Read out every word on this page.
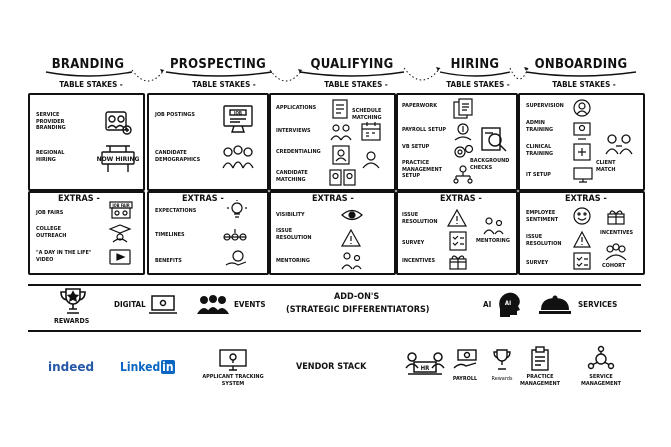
BRANDING	PROSPECTING	QUALIFYING	HIRING	ONBOARDING
TABLE STAKES -	TABLE STAKES -	TABLE STAKES -	TABLE STAKES -	TABLE STAKES -
SERVICE PROVIDER BRANDING
REGIONAL HIRING	NOW HIRING
EXTRAS -
JOB FAIRS
COLLEGE OUTREACH
"A DAY IN THE LIFE" VIDEO
JOB FAIR
JOB POSTINGS
CANDIDATE DEMOGRAPHICS
JOB
EXTRAS -
EXPECTATIONS
TIMELINES
BENEFITS
APPLICATIONS
INTERVIEWS
CREDENTIALING
CANDIDATE MATCHING
SCHEDULE MATCHING
EXTRAS -
VISIBILITY
ISSUE RESOLUTION
MENTORING
PAPERWORK
PAYROLL SETUP
VB SETUP
PRACTICE MANAGEMENT SETUP
BACKGROUND CHECKS
EXTRAS -
ISSUE RESOLUTION
SURVEY
INCENTIVES
MENTORING
SUPERVISION
ADMIN TRAINING
CLINICAL TRAINING
IT SETUP
CLIENT MATCH
EXTRAS -
EMPLOYEE SENTIMENT
ISSUE RESOLUTION
SURVEY
INCENTIVES
COHORT
REWARDS
DIGITAL	EVENTS
ADD-ON'S
(STRATEGIC DIFFERENTIATORS)
AI AI	SERVICES
indeed Linked in
APPLICANT TRACKING SYSTEM
VENDOR STACK	HR
PAYROLL	Rewards	PRACTICE MANAGEMENT
SERVICE MANAGEMENT
